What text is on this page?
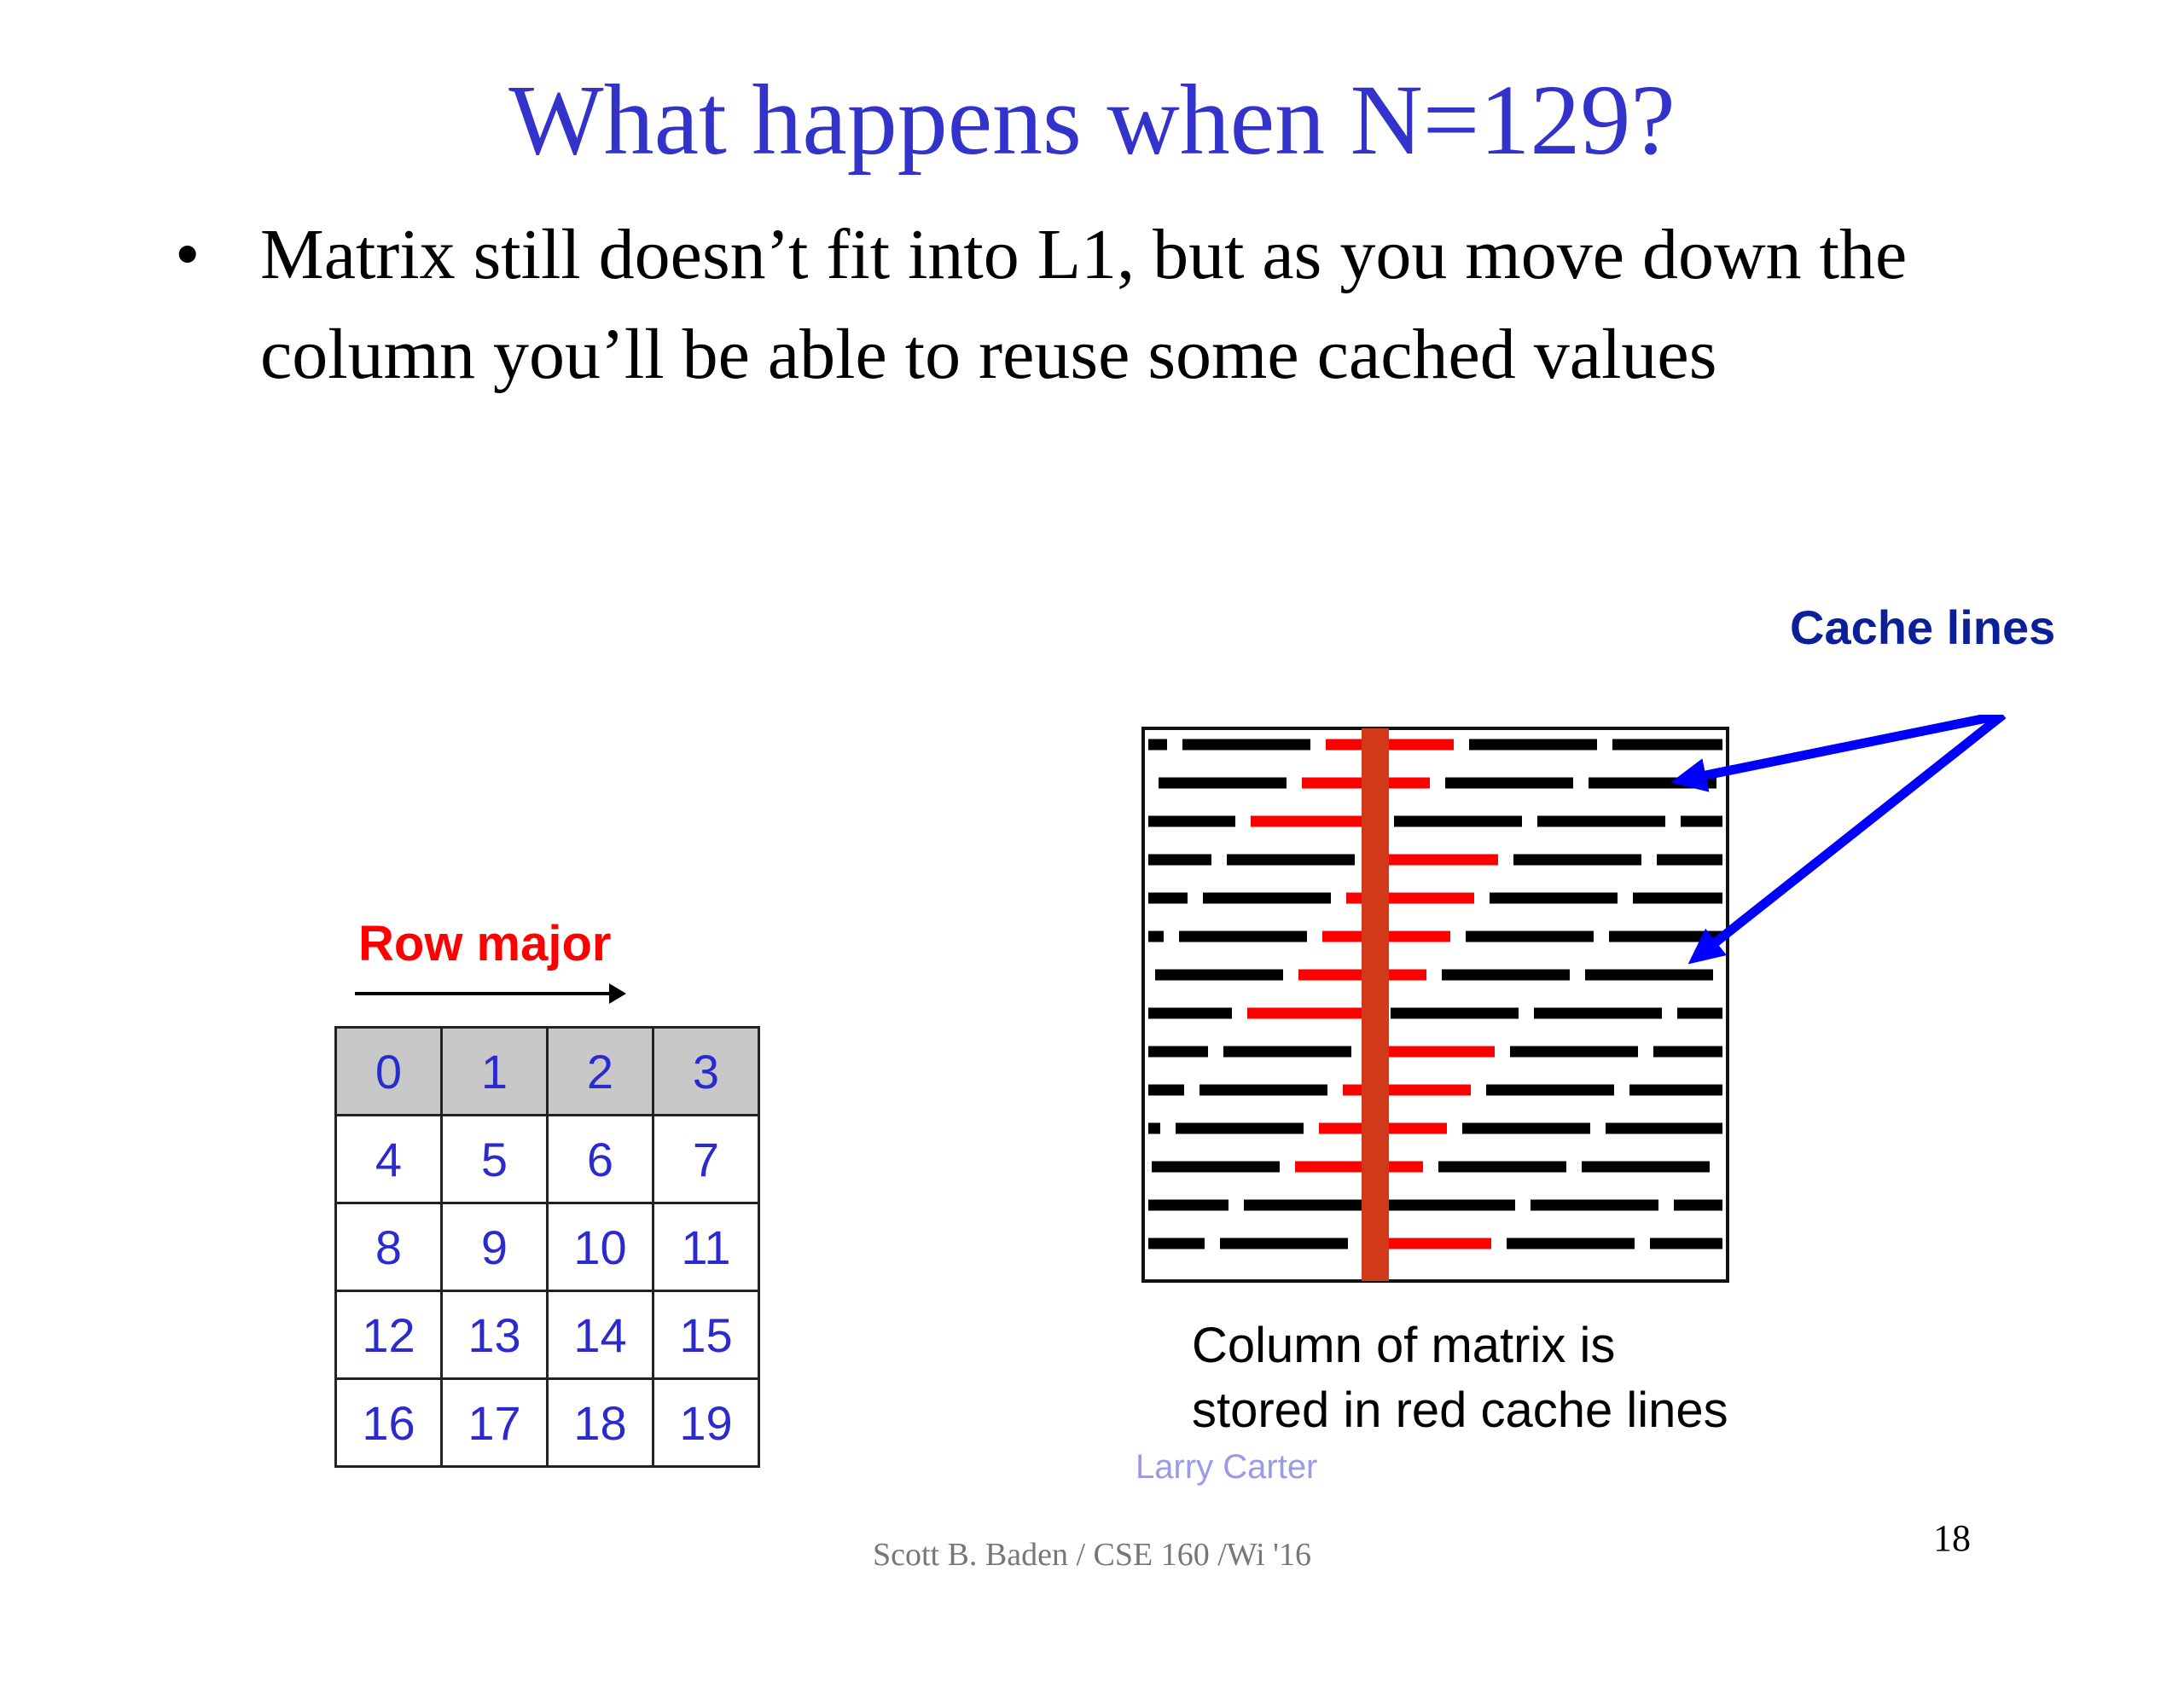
What happens when N=129?
• Matrix still doesn’t fit into L1, but as you move down the column you’ll be able to reuse some cached values
Row major
0	1	2	3
4	5	6	7
8	9	10	11
12	13	14	15
16	17	18	19
Cache lines
Column of matrix is
stored in red cache lines
Larry Carter
Scott B. Baden / CSE 160 /Wi '16	18
